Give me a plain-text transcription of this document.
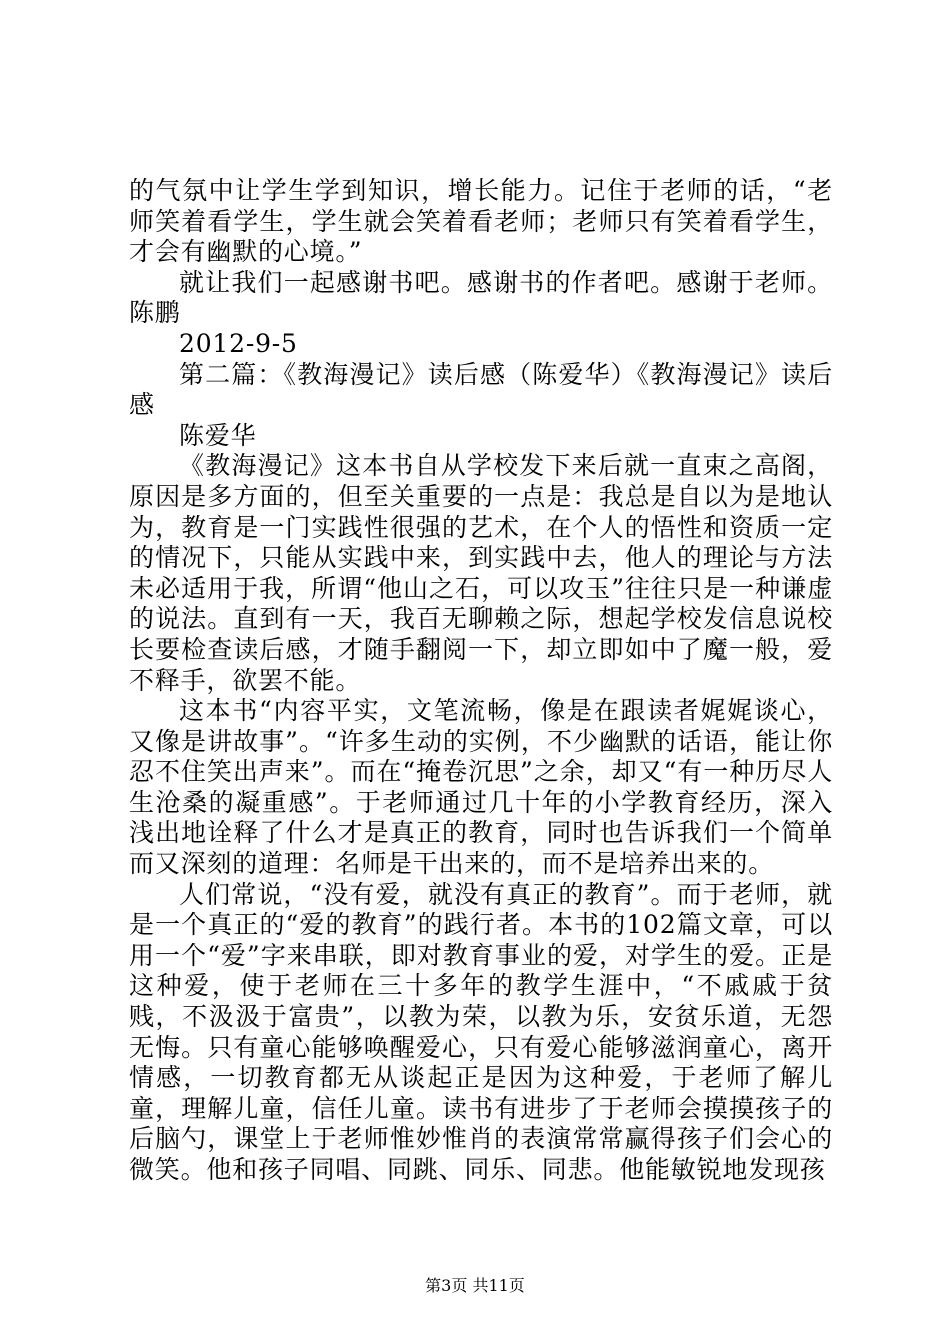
的气氛中让学生学到知识，增长能力。记住于老师的话，“老师笑着看学生，学生就会笑着看老师；老师只有笑着看学生，才会有幽默的心境。”

就让我们一起感谢书吧。感谢书的作者吧。感谢于老师。陈鹏

2012-9-5

第二篇：《教海漫记》读后感（陈爱华）《教海漫记》读后感

陈爱华

《教海漫记》这本书自从学校发下来后就一直束之高阁，原因是多方面的，但至关重要的一点是：我总是自以为是地认为，教育是一门实践性很强的艺术，在个人的悟性和资质一定的情况下，只能从实践中来，到实践中去，他人的理论与方法未必适用于我，所谓“他山之石，可以攻玉”往往只是一种谦虚的说法。直到有一天，我百无聊赖之际，想起学校发信息说校长要检查读后感，才随手翻阅一下，却立即如中了魔一般，爱不释手，欲罢不能。

这本书“内容平实，文笔流畅，像是在跟读者娓娓谈心，又像是讲故事”。“许多生动的实例，不少幽默的话语，能让你忍不住笑出声来”。而在“掩卷沉思”之余，却又“有一种历尽人生沧桑的凝重感”。于老师通过几十年的小学教育经历，深入浅出地诠释了什么才是真正的教育，同时也告诉我们一个简单而又深刻的道理：名师是干出来的，而不是培养出来的。

人们常说，“没有爱，就没有真正的教育”。而于老师，就是一个真正的“爱的教育”的践行者。本书的102篇文章，可以用一个“爱”字来串联，即对教育事业的爱，对学生的爱。正是这种爱，使于老师在三十多年的教学生涯中，“不戚戚于贫贱，不汲汲于富贵”，以教为荣，以教为乐，安贫乐道，无怨无悔。只有童心能够唤醒爱心，只有爱心能够滋润童心，离开情感，一切教育都无从谈起正是因为这种爱，于老师了解儿童，理解儿童，信任儿童。读书有进步了于老师会摸摸孩子的后脑勺，课堂上于老师惟妙惟肖的表演常常赢得孩子们会心的微笑。他和孩子同唱、同跳、同乐、同悲。他能敏锐地发现孩

第3页 共11页
